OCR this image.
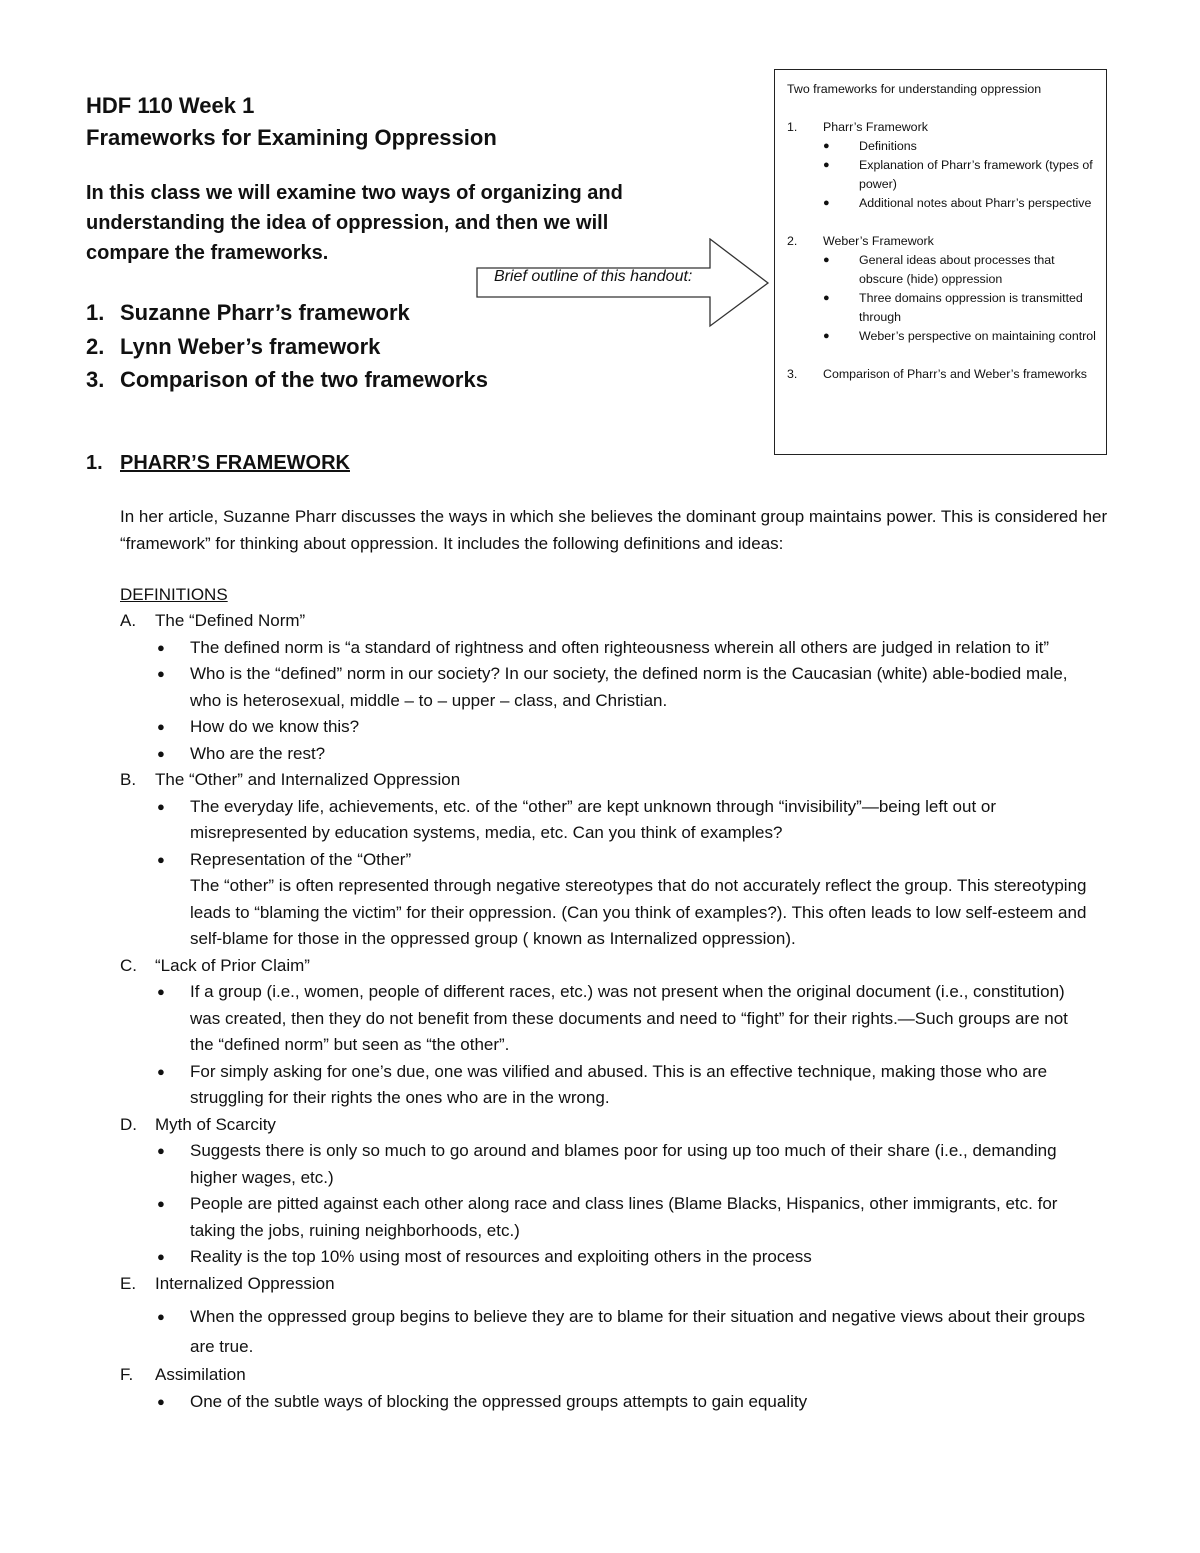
HDF 110 Week 1
Frameworks for Examining Oppression
In this class we will examine two ways of organizing and understanding the idea of oppression, and then we will compare the frameworks.
1. Suzanne Pharr’s framework
2. Lynn Weber’s framework
3. Comparison of the two frameworks
Brief outline of this handout:
Two frameworks for understanding oppression
1.	Pharr’s Framework
●	Definitions
●	Explanation of Pharr’s framework (types of power)
●	Additional notes about Pharr’s perspective
2.	Weber’s Framework
●	General ideas about processes that obscure (hide) oppression
●	Three domains oppression is transmitted through
●	Weber’s perspective on maintaining control
3.	Comparison of Pharr’s and Weber’s frameworks
1. PHARR’S FRAMEWORK
In her article, Suzanne Pharr discusses the ways in which she believes the dominant group maintains power. This is considered her “framework” for thinking about oppression. It includes the following definitions and ideas:
DEFINITIONS
A.	The “Defined Norm”
●	The defined norm is “a standard of rightness and often righteousness wherein all others are judged in relation to it”
●	Who is the “defined” norm in our society? In our society, the defined norm is the Caucasian (white) able-bodied male, who is heterosexual, middle – to – upper – class, and Christian.
●	How do we know this?
●	Who are the rest?
B.	The “Other” and Internalized Oppression
●	The everyday life, achievements, etc. of the “other” are kept unknown through “invisibility”—being left out or misrepresented by education systems, media, etc. Can you think of examples?
●	Representation of the “Other”
The “other” is often represented through negative stereotypes that do not accurately reflect the group. This stereotyping leads to “blaming the victim” for their oppression. (Can you think of examples?). This often leads to low self-esteem and self-blame for those in the oppressed group ( known as Internalized oppression).
C.	“Lack of Prior Claim”
●	If a group (i.e., women, people of different races, etc.) was not present when the original document (i.e., constitution) was created, then they do not benefit from these documents and need to “fight” for their rights.—Such groups are not the “defined norm” but seen as “the other”.
●	For simply asking for one’s due, one was vilified and abused. This is an effective technique, making those who are struggling for their rights the ones who are in the wrong.
D.	Myth of Scarcity
●	Suggests there is only so much to go around and blames poor for using up too much of their share (i.e., demanding higher wages, etc.)
●	People are pitted against each other along race and class lines (Blame Blacks, Hispanics, other immigrants, etc. for taking the jobs, ruining neighborhoods, etc.)
●	Reality is the top 10% using most of resources and exploiting others in the process
E.	Internalized Oppression
●	When the oppressed group begins to believe they are to blame for their situation and negative views about their groups are true.
F.	Assimilation
●	One of the subtle ways of blocking the oppressed groups attempts to gain equality
